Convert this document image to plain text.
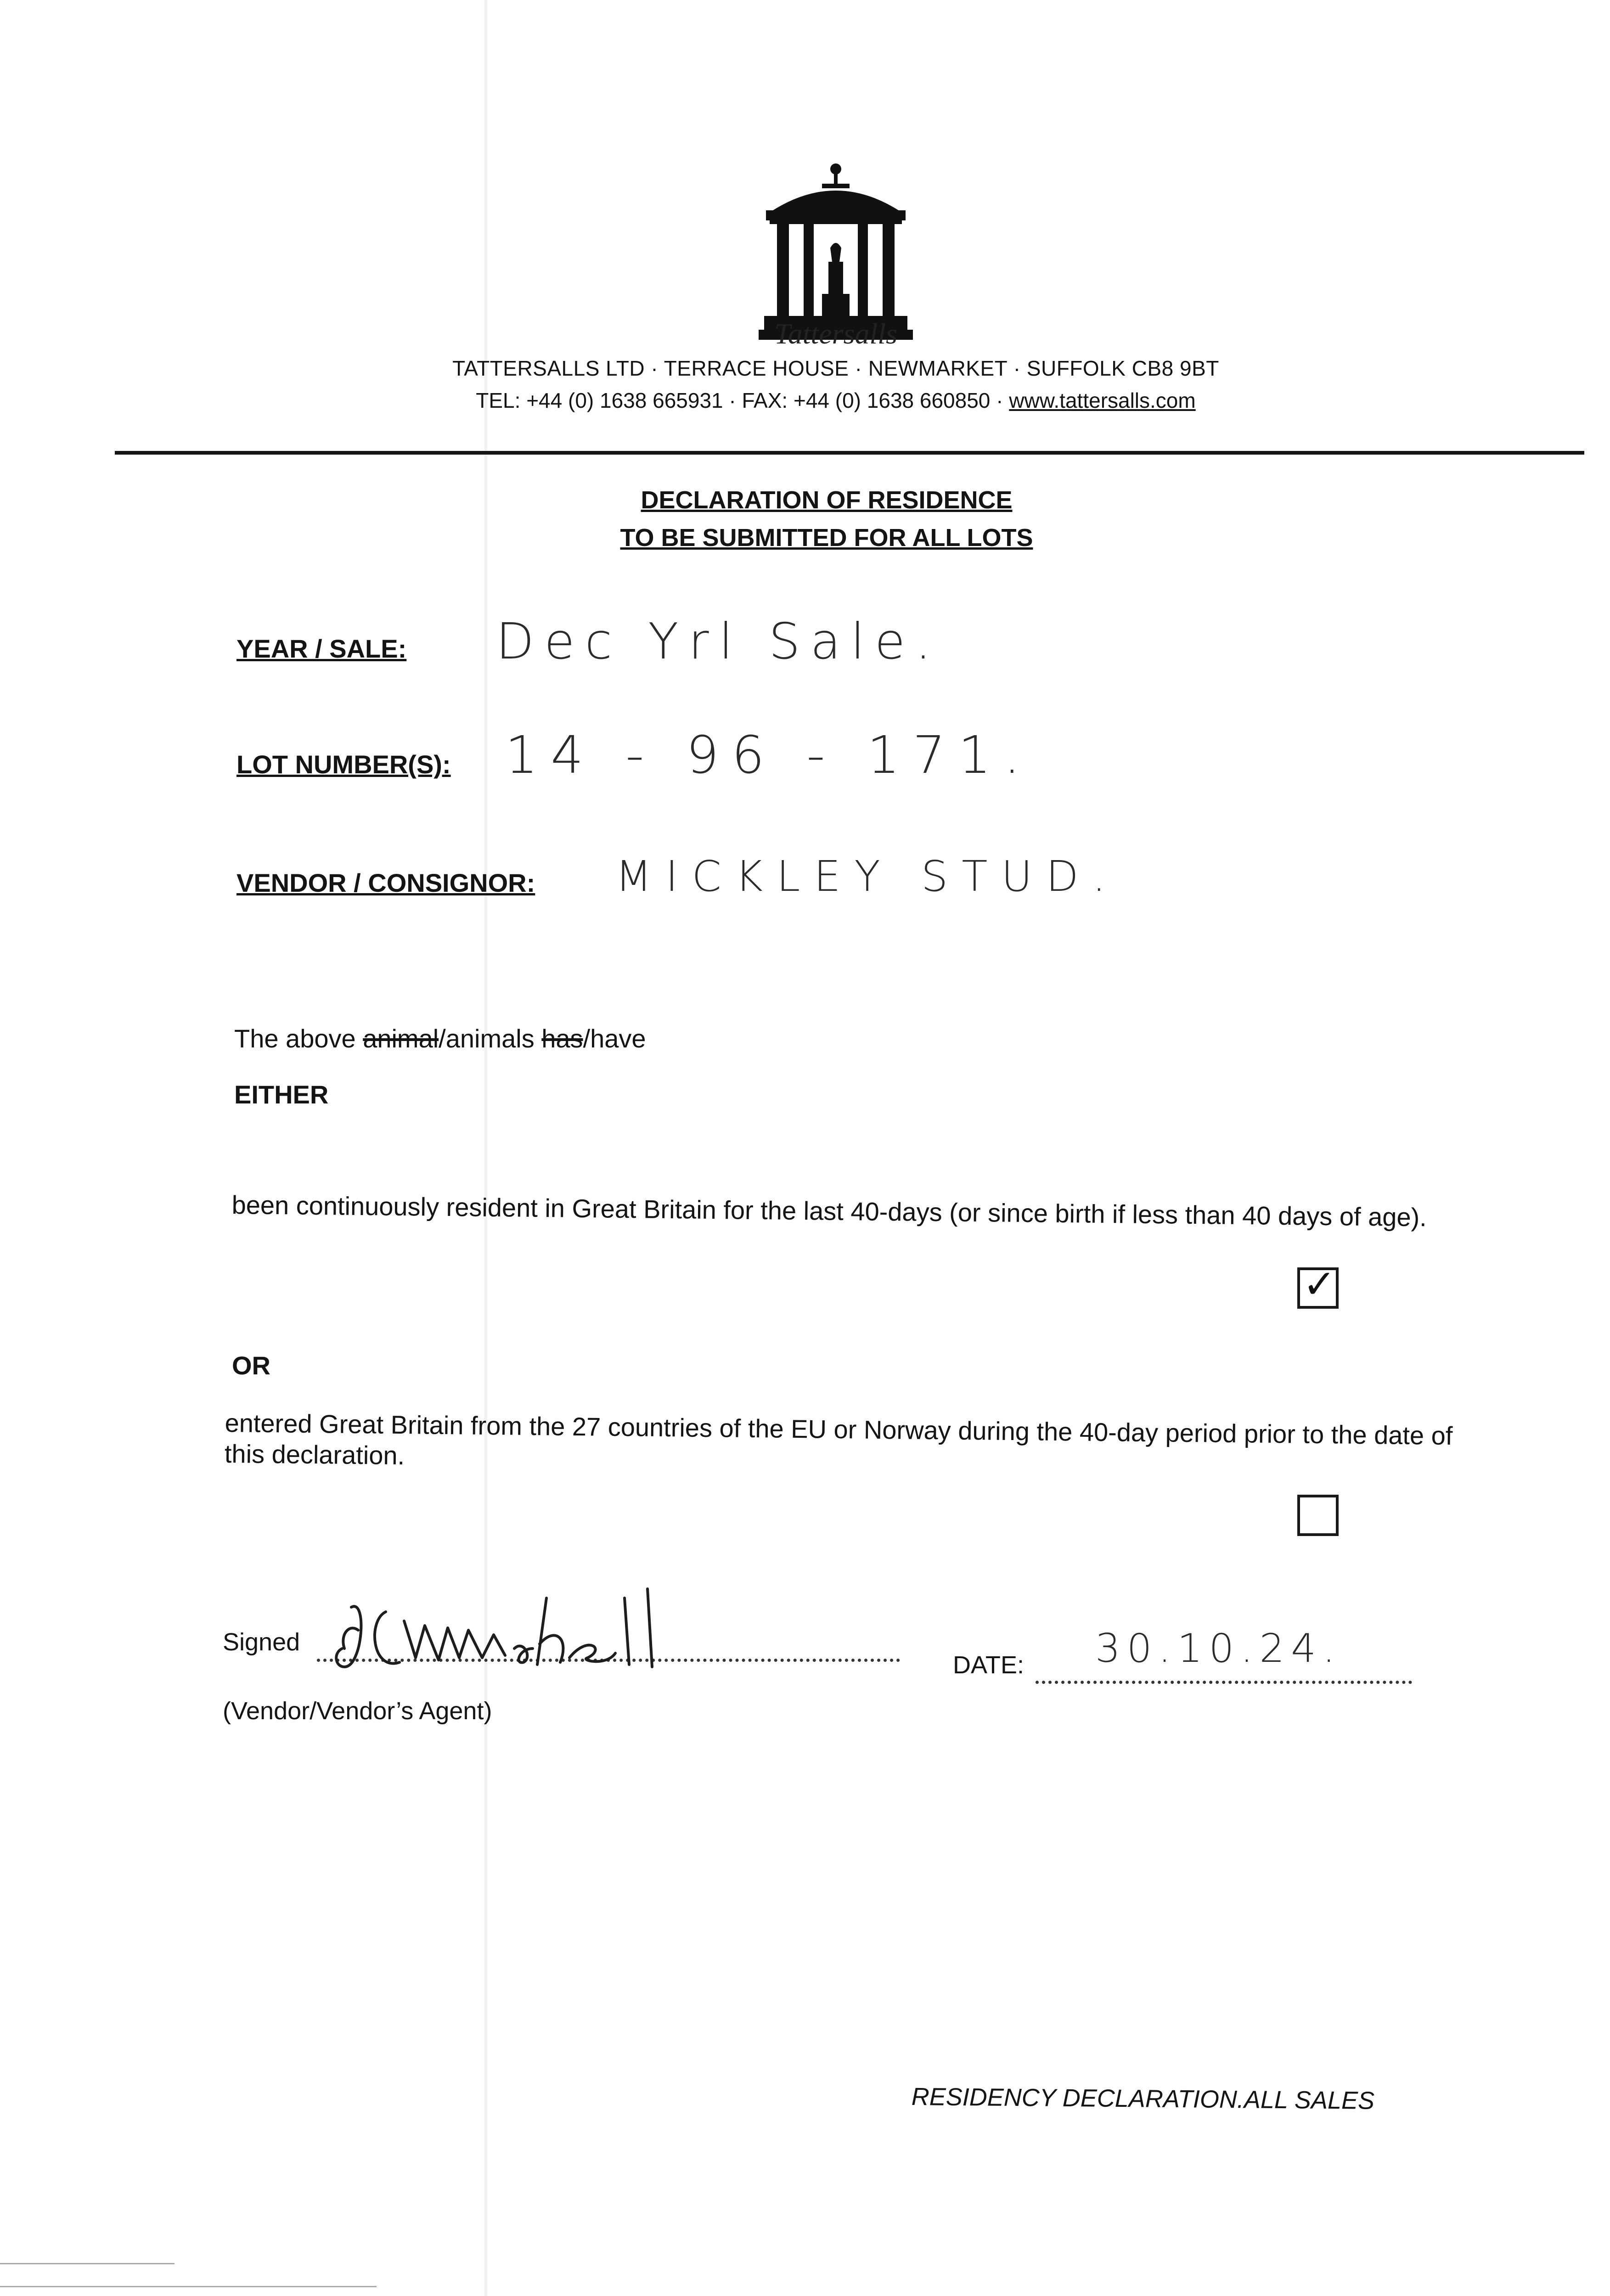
Tattersalls
TATTERSALLS LTD · TERRACE HOUSE · NEWMARKET · SUFFOLK CB8 9BT
TEL: +44 (0) 1638 665931 · FAX: +44 (0) 1638 660850 · www.tattersalls.com
DECLARATION OF RESIDENCE
TO BE SUBMITTED FOR ALL LOTS
YEAR / SALE: Dec Yrl Sale.
LOT NUMBER(S): 14 - 96 - 171.
VENDOR / CONSIGNOR: MICKLEY STUD.
The above animal/animals has/have
EITHER
been continuously resident in Great Britain for the last 40-days (or since birth if less than 40 days of age).
✓
OR
entered Great Britain from the 27 countries of the EU or Norway during the 40-day period prior to the date of this declaration.
Signed
(Vendor/Vendor’s Agent)
DATE: 30.10.24.
RESIDENCY DECLARATION.ALL SALES
